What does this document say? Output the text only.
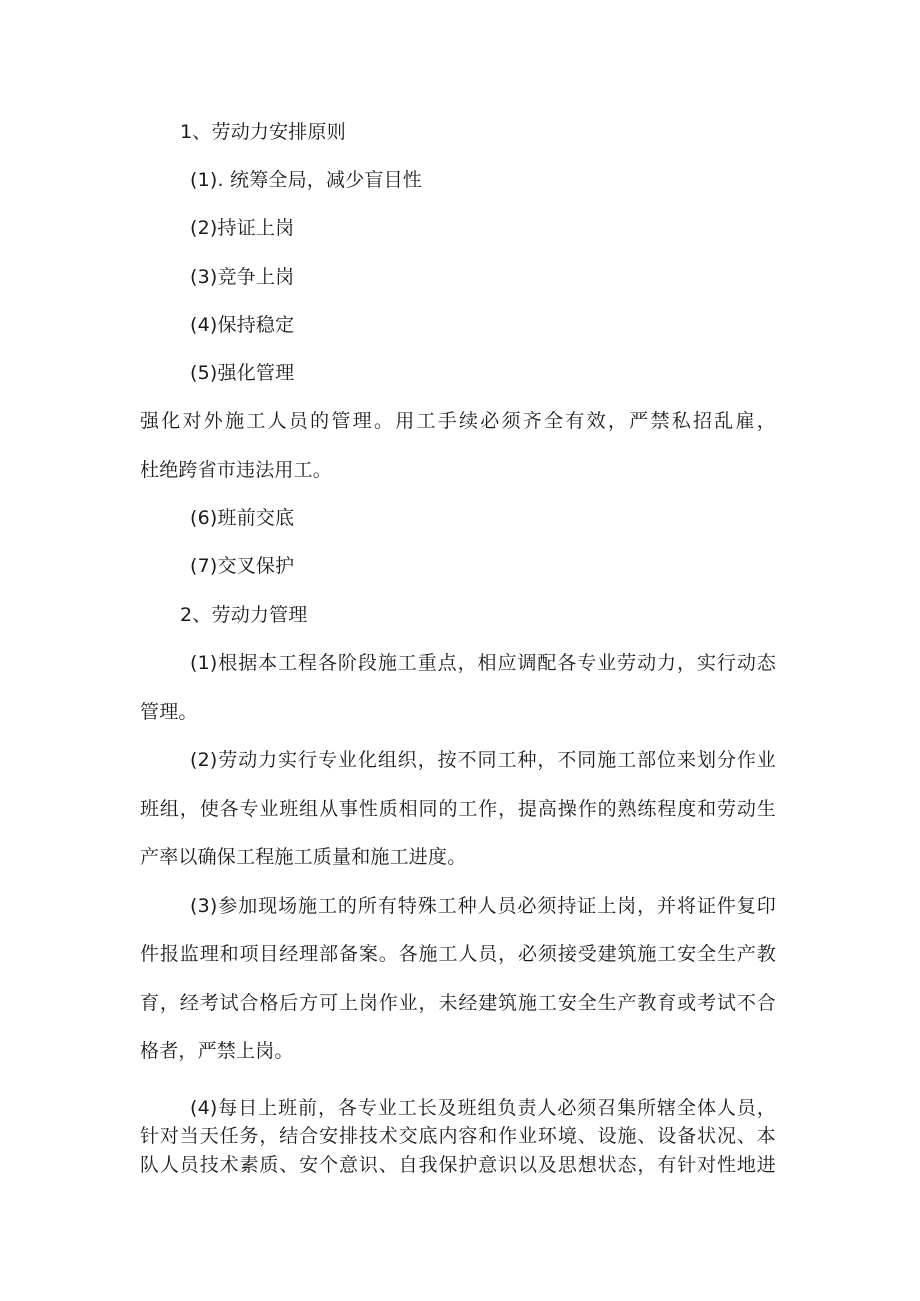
1、劳动力安排原则
(1). 统筹全局，减少盲目性
(2)持证上岗
(3)竞争上岗
(4)保持稳定
(5)强化管理
强化对外施工人员的管理。用工手续必须齐全有效，严禁私招乱雇，
杜绝跨省市违法用工。
(6)班前交底
(7)交叉保护
2、劳动力管理
(1)根据本工程各阶段施工重点，相应调配各专业劳动力，实行动态
管理。
(2)劳动力实行专业化组织，按不同工种，不同施工部位来划分作业
班组，使各专业班组从事性质相同的工作，提高操作的熟练程度和劳动生
产率以确保工程施工质量和施工进度。
(3)参加现场施工的所有特殊工种人员必须持证上岗，并将证件复印
件报监理和项目经理部备案。各施工人员，必须接受建筑施工安全生产教
育，经考试合格后方可上岗作业，未经建筑施工安全生产教育或考试不合
格者，严禁上岗。
(4)每日上班前，各专业工长及班组负责人必须召集所辖全体人员，
针对当天任务，结合安排技术交底内容和作业环境、设施、设备状况、本
队人员技术素质、安个意识、自我保护意识以及思想状态，有针对性地进
